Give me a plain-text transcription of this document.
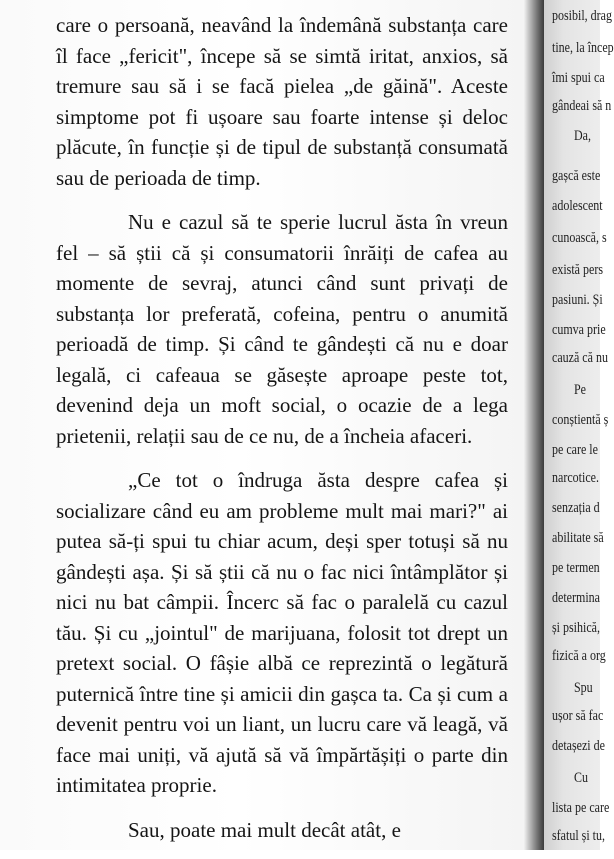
care o persoană, neavând la îndemână substanța care îl face „fericit", începe să se simtă iritat, anxios, să tremure sau să i se facă pielea „de găină". Aceste simptome pot fi ușoare sau foarte intense și deloc plăcute, în funcție și de tipul de substanță consumată sau de perioada de timp.

Nu e cazul să te sperie lucrul ăsta în vreun fel – să știi că și consumatorii înrăiți de cafea au momente de sevraj, atunci când sunt privați de substanța lor preferată, cofeina, pentru o anumită perioadă de timp. Și când te gândești că nu e doar legală, ci cafeaua se găsește aproape peste tot, devenind deja un moft social, o ocazie de a lega prietenii, relații sau de ce nu, de a încheia afaceri.

„Ce tot o îndruga ăsta despre cafea și socializare când eu am probleme mult mai mari?" ai putea să-ți spui tu chiar acum, deși sper totuși să nu gândești așa. Și să știi că nu o fac nici întâmplător și nici nu bat câmpii. Încerc să fac o paralelă cu cazul tău. Și cu „jointul" de marijuana, folosit tot drept un pretext social. O fâșie albă ce reprezintă o legătură puternică între tine și amicii din gașca ta. Ca și cum a devenit pentru voi un liant, un lucru care vă leagă, vă face mai uniți, vă ajută să vă împărtășiți o parte din intimitatea proprie.

Sau, poate mai mult decât atât, e

posibil, drag
tine, la încep
îmi spui ca
gândeai să n
Da,
gașcă este
adolescent
cunoască, s
există pers
pasiuni. Și
cumva prie
cauză că nu
Pe
conștientă ș
pe care le
narcotice.
senzația d
abilitate să
pe termen
determina
și psihică,
fizică a org
Spu
ușor să fac
detașezi de
Cu
lista pe care
sfatul și tu,
